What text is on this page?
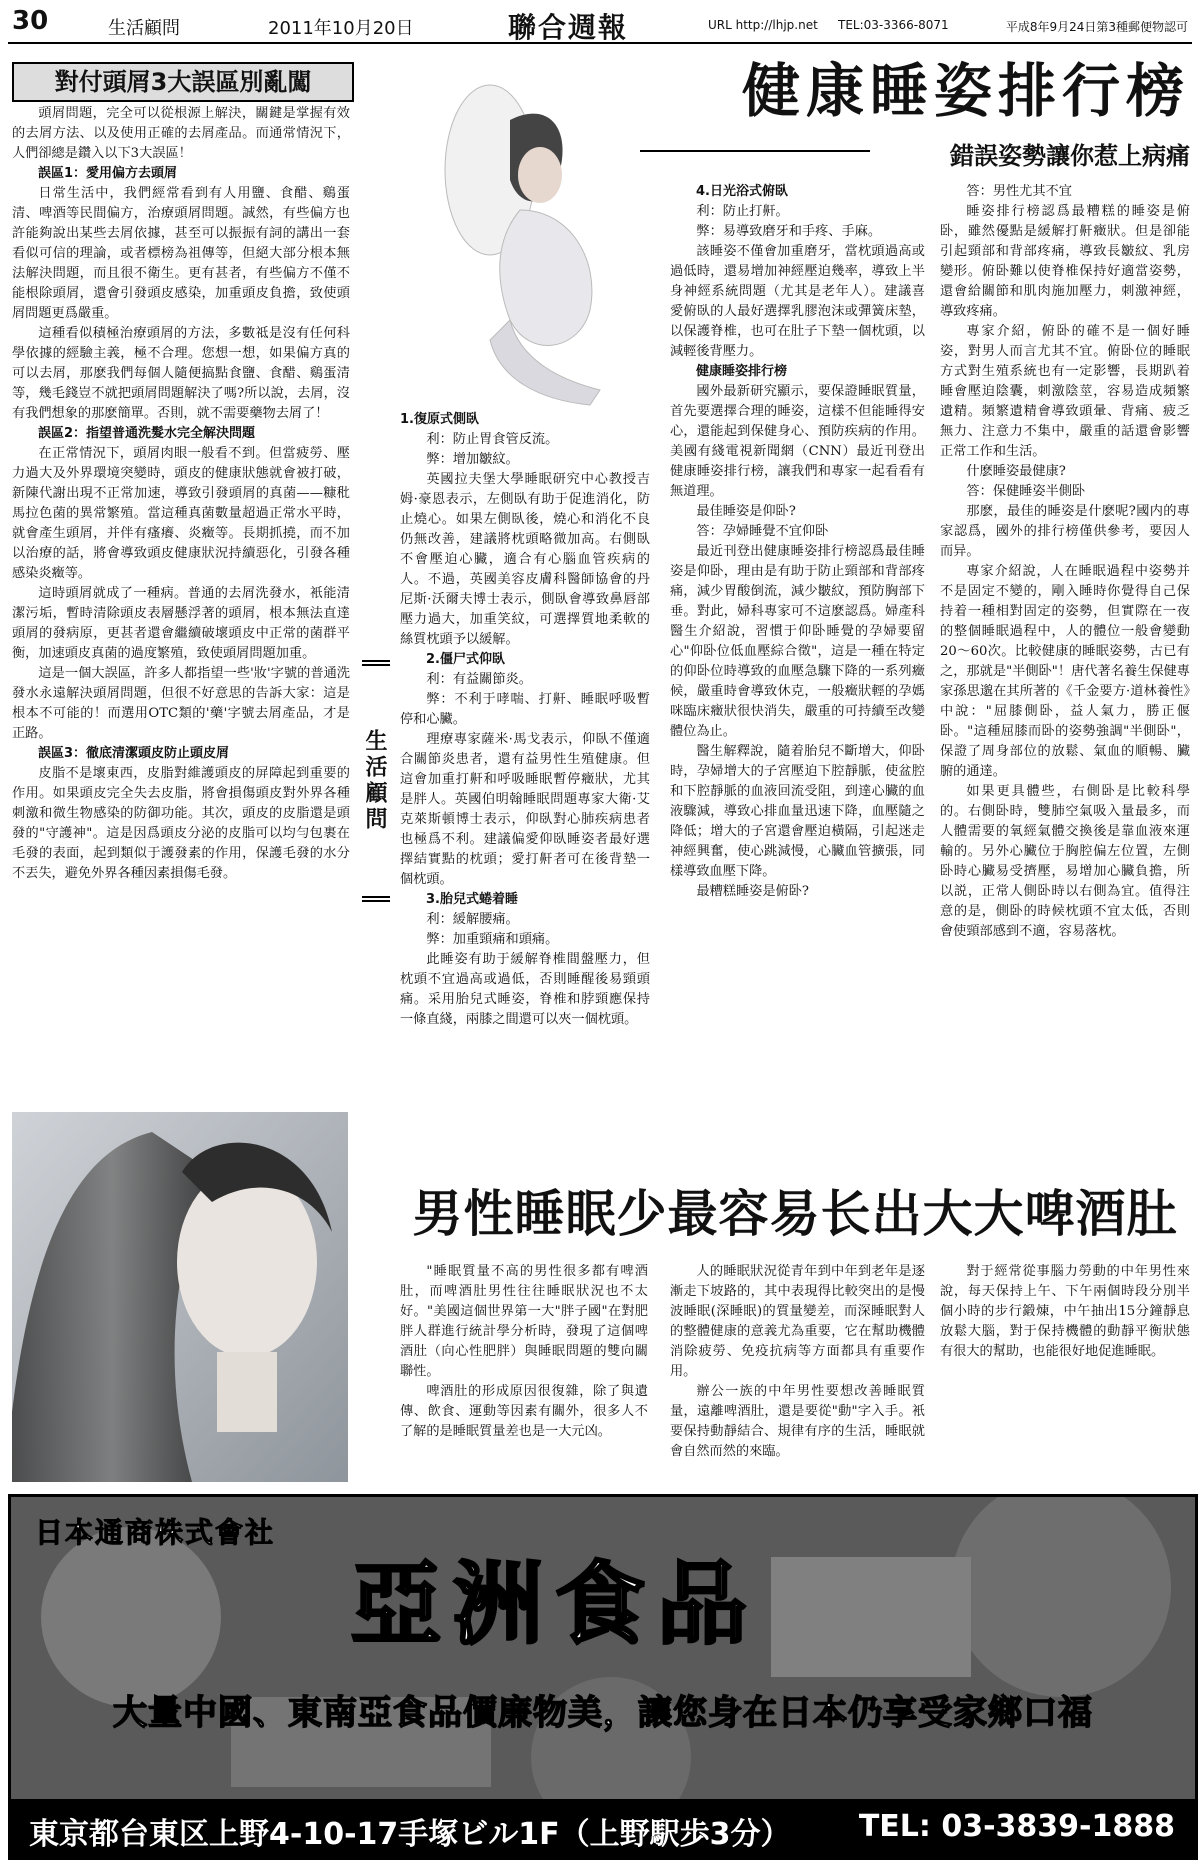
30	生活顧問	2011年10月20日	聯合週報	URL http://lhjp.net TEL:03-3366-8071	平成8年9月24日第3種郵便物認可
對付頭屑3大誤區別亂闖

頭屑問題，完全可以從根源上解決，關鍵是掌握有效的去屑方法、以及使用正確的去屑產品。而通常情況下，人們卻總是鑽入以下3大誤區！

誤區1：愛用偏方去頭屑

日常生活中，我們經常看到有人用鹽、食醋、鷄蛋清、啤酒等民間偏方，治療頭屑問題。誠然，有些偏方也許能夠說出某些去屑依據，甚至可以振振有詞的講出一套看似可信的理論，或者標榜為祖傳等，但絕大部分根本無法解決問題，而且很不衛生。更有甚者，有些偏方不僅不能根除頭屑，還會引發頭皮感染，加重頭皮負擔，致使頭屑問題更爲嚴重。

這種看似積極治療頭屑的方法，多數祗是沒有任何科學依據的經驗主義，極不合理。您想一想，如果偏方真的可以去屑，那麽我們每個人隨便搞點食鹽、食醋、鷄蛋清等，幾毛錢豈不就把頭屑問題解決了嗎?所以說，去屑，沒有我們想象的那麽簡單。否則，就不需要藥物去屑了！

誤區2：指望普通洗髮水完全解決問題

在正常情況下，頭屑肉眼一般看不到。但當疲勞、壓力過大及外界環境突變時，頭皮的健康狀態就會被打破，新陳代謝出現不正常加速，導致引發頭屑的真菌——糠秕馬拉色菌的異常繁殖。當這種真菌數量超過正常水平時，就會產生頭屑，并伴有瘙癢、炎癥等。長期抓撓，而不加以治療的話，將會導致頭皮健康狀況持續惡化，引發各種感染炎癥等。

這時頭屑就成了一種病。普通的去屑洗發水，衹能清潔污垢，暫時清除頭皮表層懸浮著的頭屑，根本無法直達頭屑的發病原，更甚者還會繼續破壞頭皮中正常的菌群平衡，加速頭皮真菌的過度繁殖，致使頭屑問題加重。

這是一個大誤區，許多人都指望一些'妝'字號的普通洗發水永遠解決頭屑問題，但很不好意思的告訴大家：這是根本不可能的！而選用OTC類的'藥'字號去屑產品，才是正路。

誤區3：徹底清潔頭皮防止頭皮屑

皮脂不是壞東西，皮脂對維護頭皮的屏障起到重要的作用。如果頭皮完全失去皮脂，將會損傷頭皮對外界各種刺激和微生物感染的防御功能。其次，頭皮的皮脂還是頭發的"守護神"。這是因爲頭皮分泌的皮脂可以均勻包裹在毛發的表面，起到類似于護發素的作用，保護毛發的水分不丟失，避免外界各種因素損傷毛發。

生活顧問
健康睡姿排行榜
錯誤姿勢讓你惹上病痛

1.復原式側臥

利：防止胃食管反流。

弊：增加皺紋。

英國拉夫堡大學睡眠研究中心教授吉姆·豪恩表示，左側臥有助于促進消化，防止燒心。如果左側臥後，燒心和消化不良仍無改善，建議將枕頭略微加高。右側臥不會壓迫心臟，適合有心腦血管疾病的人。不過，英國美容皮膚科醫師協會的丹尼斯·沃爾夫博士表示，側臥會導致鼻唇部壓力過大，加重笑紋，可選擇質地柔軟的絲質枕頭予以緩解。

2.僵尸式仰臥

利：有益關節炎。

弊：不利于哮喘、打鼾、睡眠呼吸暫停和心臟。

理療專家薩米·馬戈表示，仰臥不僅適合關節炎患者，還有益男性生殖健康。但這會加重打鼾和呼吸睡眠暫停癥狀，尤其是胖人。英國伯明翰睡眠問題專家大衛·艾克萊斯頓博士表示，仰臥對心肺疾病患者也極爲不利。建議偏愛仰臥睡姿者最好選擇結實點的枕頭；愛打鼾者可在後背墊一個枕頭。

3.胎兒式蜷着睡

利：緩解腰痛。

弊：加重頸痛和頭痛。

此睡姿有助于緩解脊椎間盤壓力，但枕頭不宜過高或過低，否則睡醒後易頸頭痛。采用胎兒式睡姿，脊椎和脖頸應保持一條直綫，兩膝之間還可以夾一個枕頭。

4.日光浴式俯臥

利：防止打鼾。

弊：易導致磨牙和手疼、手麻。

該睡姿不僅會加重磨牙，當枕頭過高或過低時，還易增加神經壓迫幾率，導致上半身神經系統問題（尤其是老年人）。建議喜愛俯臥的人最好選擇乳膠泡沫或彈簧床墊，以保護脊椎，也可在肚子下墊一個枕頭，以減輕後背壓力。

健康睡姿排行榜

國外最新研究顯示，要保證睡眠質量，首先要選擇合理的睡姿，這樣不但能睡得安心，還能起到保健身心、預防疾病的作用。美國有綫電視新聞網（CNN）最近刊登出健康睡姿排行榜，讓我們和專家一起看看有無道理。

最佳睡姿是仰卧?

答：孕婦睡覺不宜仰卧

最近刊登出健康睡姿排行榜認爲最佳睡姿是仰卧，理由是有助于防止頸部和背部疼痛，減少胃酸倒流，減少皺紋，預防胸部下垂。對此，婦科專家可不這麽認爲。婦產科醫生介紹說，習慣于仰卧睡覺的孕婦要留心"仰卧位低血壓綜合徵"，這是一種在特定的仰卧位時導致的血壓急驟下降的一系列癥候，嚴重時會導致休克，一般癥狀輕的孕媽咪臨床癥狀很快消失，嚴重的可持續至改變體位為止。

醫生解釋說，隨着胎兒不斷增大，仰卧時，孕婦增大的子宮壓迫下腔靜脈，使盆腔和下腔靜脈的血液回流受阻，到達心臟的血液驟減，導致心排血量迅速下降，血壓隨之降低；增大的子宮還會壓迫橫隔，引起迷走神經興奮，使心跳減慢，心臟血管擴張，同樣導致血壓下降。

最糟糕睡姿是俯卧?

答：男性尤其不宜

睡姿排行榜認爲最糟糕的睡姿是俯卧，雖然優點是緩解打鼾癥狀。但是卻能引起頸部和背部疼痛，導致長皺紋、乳房變形。俯卧難以使脊椎保持好適當姿勢，還會給關節和肌肉施加壓力，刺激神經，導致疼痛。

專家介紹，俯卧的確不是一個好睡姿，對男人而言尤其不宜。俯卧位的睡眠方式對生殖系統也有一定影響，長期趴着睡會壓迫陰囊，刺激陰莖，容易造成頻繁遺精。頻繁遺精會導致頭暈、背痛、疲乏無力、注意力不集中，嚴重的話還會影響正常工作和生活。

什麽睡姿最健康?

答：保健睡姿半側卧

那麽，最佳的睡姿是什麽呢?國内的專家認爲，國外的排行榜僅供參考，要因人而异。

專家介紹說，人在睡眠過程中姿勢并不是固定不變的，剛入睡時你覺得自己保持着一種相對固定的姿勢，但實際在一夜的整個睡眠過程中，人的體位一般會變動20～60次。比較健康的睡眠姿勢，古已有之，那就是"半側卧"！唐代著名養生保健專家孫思邈在其所著的《千金要方·道林養性》中說："屈膝側卧，益人氣力，勝正偃卧。"這種屈膝而卧的姿勢強調"半側卧"，保證了周身部位的放鬆、氣血的順暢、臟腑的通達。

如果更具體些，右側卧是比較科學的。右側卧時，雙肺空氣吸入量最多，而人體需要的氧經氣體交換後是靠血液來運輸的。另外心臟位于胸腔偏左位置，左側卧時心臟易受擠壓，易增加心臟負擔，所以説，正常人側卧時以右側為宜。值得注意的是，側卧的時候枕頭不宜太低，否則會使頸部感到不適，容易落枕。

男性睡眠少最容易长出大大啤酒肚

"睡眠質量不高的男性很多都有啤酒肚，而啤酒肚男性往往睡眠狀況也不太好。"美國這個世界第一大"胖子國"在對肥胖人群進行統計學分析時，發現了這個啤酒肚（向心性肥胖）與睡眠問題的雙向關聯性。

啤酒肚的形成原因很復雜，除了與遺傳、飲食、運動等因素有關外，很多人不了解的是睡眠質量差也是一大元凶。

人的睡眠狀況從青年到中年到老年是逐漸走下坡路的，其中表現得比較突出的是慢波睡眠(深睡眠)的質量變差，而深睡眠對人的整體健康的意義尤為重要，它在幫助機體消除疲勞、免疫抗病等方面都具有重要作用。

辦公一族的中年男性要想改善睡眠質量，遠離啤酒肚，還是要從"動"字入手。衹要保持動靜結合、規律有序的生活，睡眠就會自然而然的來臨。

對于經常從事腦力勞動的中年男性來說，每天保持上午、下午兩個時段分別半個小時的步行鍛煉，中午抽出15分鐘靜息放鬆大腦，對于保持機體的動靜平衡狀態有很大的幫助，也能很好地促進睡眠。

日本通商株式會社
亞洲食品
大量中國、東南亞食品價廉物美，讓您身在日本仍享受家鄉口福
東京都台東区上野4-10-17手塚ビル1F（上野駅歩3分） TEL: 03-3839-1888
